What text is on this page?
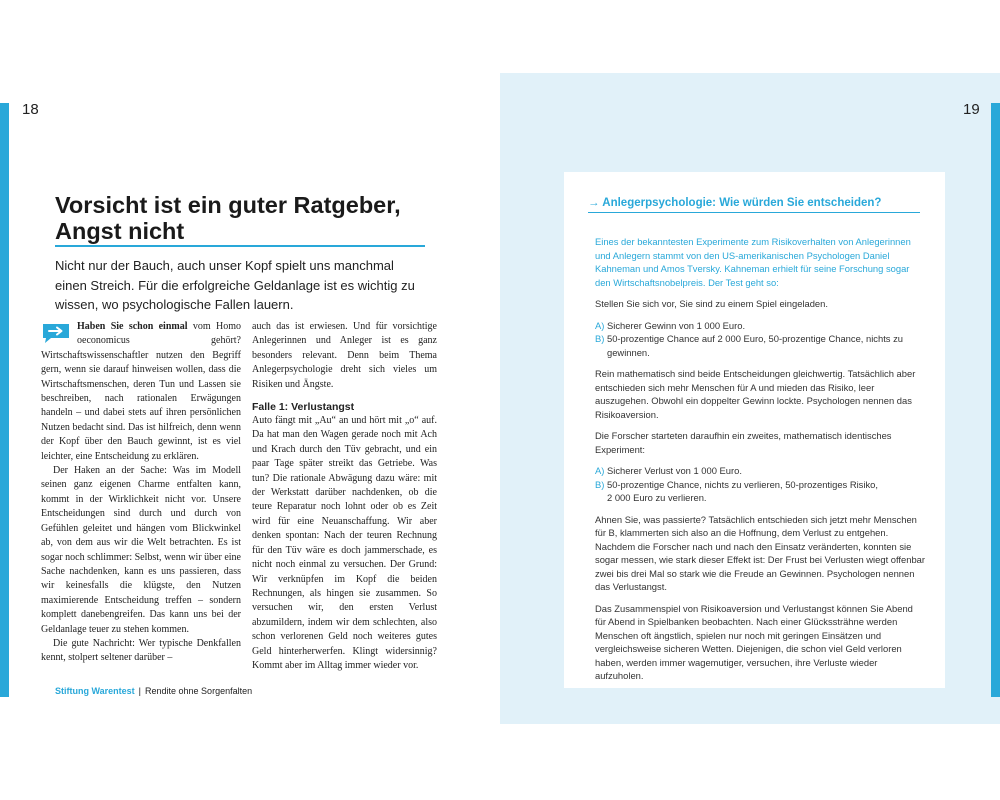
18	19
Vorsicht ist ein guter Ratgeber, Angst nicht

Nicht nur der Bauch, auch unser Kopf spielt uns manchmal einen Streich. Für die erfolgreiche Geldanlage ist es wichtig zu wissen, wo psychologische Fallen lauern.

Haben Sie schon einmal vom Homo oeconomicus gehört? Wirtschaftswissenschaftler nutzen den Begriff gern, wenn sie darauf hinweisen wollen, dass die Wirtschaftsmenschen, deren Tun und Lassen sie beschreiben, nach rationalen Erwägungen handeln – und dabei stets auf ihren persönlichen Nutzen bedacht sind. Das ist hilfreich, denn wenn der Kopf über den Bauch gewinnt, ist es viel leichter, eine Entscheidung zu erklären.

Der Haken an der Sache: Was im Modell seinen ganz eigenen Charme entfalten kann, kommt in der Wirklichkeit nicht vor. Unsere Entscheidungen sind durch und durch von Gefühlen geleitet und hängen vom Blickwinkel ab, von dem aus wir die Welt betrachten. Es ist sogar noch schlimmer: Selbst, wenn wir über eine Sache nachdenken, kann es uns passieren, dass wir keinesfalls die klügste, den Nutzen maximierende Entscheidung treffen – sondern komplett danebengreifen. Das kann uns bei der Geldanlage teuer zu stehen kommen.

Die gute Nachricht: Wer typische Denkfallen kennt, stolpert seltener darüber –

auch das ist erwiesen. Und für vorsichtige Anlegerinnen und Anleger ist es ganz besonders relevant. Denn beim Thema Anlegerpsychologie dreht sich vieles um Risiken und Ängste.

Falle 1: Verlustangst

Auto fängt mit „Au“ an und hört mit „o“ auf. Da hat man den Wagen gerade noch mit Ach und Krach durch den Tüv gebracht, und ein paar Tage später streikt das Getriebe. Was tun? Die rationale Abwägung dazu wäre: mit der Werkstatt darüber nachdenken, ob die teure Reparatur noch lohnt oder ob es Zeit wird für eine Neuanschaffung. Wir aber denken spontan: Nach der teuren Rechnung für den Tüv wäre es doch jammerschade, es nicht noch einmal zu versuchen. Der Grund: Wir verknüpfen im Kopf die beiden Rechnungen, als hingen sie zusammen. So versuchen wir, den ersten Verlust abzumildern, indem wir dem schlechten, also schon verlorenen Geld noch weiteres gutes Geld hinterherwerfen. Klingt widersinnig? Kommt aber im Alltag immer wieder vor.

Stiftung Warentest | Rendite ohne Sorgenfalten
→ Anlegerpsychologie: Wie würden Sie entscheiden?

Eines der bekanntesten Experimente zum Risikoverhalten von Anlegerinnen und Anlegern stammt von den US-amerikanischen Psychologen Daniel Kahneman und Amos Tversky. Kahneman erhielt für seine Forschung sogar den Wirtschaftsnobelpreis. Der Test geht so:

Stellen Sie sich vor, Sie sind zu einem Spiel eingeladen.

A) Sicherer Gewinn von 1 000 Euro.

B) 50-prozentige Chance auf 2 000 Euro, 50-prozentige Chance, nichts zu

gewinnen.

Rein mathematisch sind beide Entscheidungen gleichwertig. Tatsächlich aber entschieden sich mehr Menschen für A und mieden das Risiko, leer auszugehen. Obwohl ein doppelter Gewinn lockte. Psychologen nennen das Risikoaversion.

Die Forscher starteten daraufhin ein zweites, mathematisch identisches Experiment:

A) Sicherer Verlust von 1 000 Euro.

B) 50-prozentige Chance, nichts zu verlieren, 50-prozentiges Risiko,

2 000 Euro zu verlieren.

Ahnen Sie, was passierte? Tatsächlich entschieden sich jetzt mehr Menschen für B, klammerten sich also an die Hoffnung, dem Verlust zu entgehen. Nachdem die Forscher nach und nach den Einsatz veränderten, konnten sie sogar messen, wie stark dieser Effekt ist: Der Frust bei Verlusten wiegt offenbar zwei bis drei Mal so stark wie die Freude an Gewinnen. Psychologen nennen das Verlustangst.

Das Zusammenspiel von Risikoaversion und Verlustangst können Sie Abend für Abend in Spielbanken beobachten. Nach einer Glückssträhne werden Menschen oft ängstlich, spielen nur noch mit geringen Einsätzen und vergleichsweise sicheren Wetten. Diejenigen, die schon viel Geld verloren haben, werden immer wagemutiger, versuchen, ihre Verluste wieder aufzuholen.
